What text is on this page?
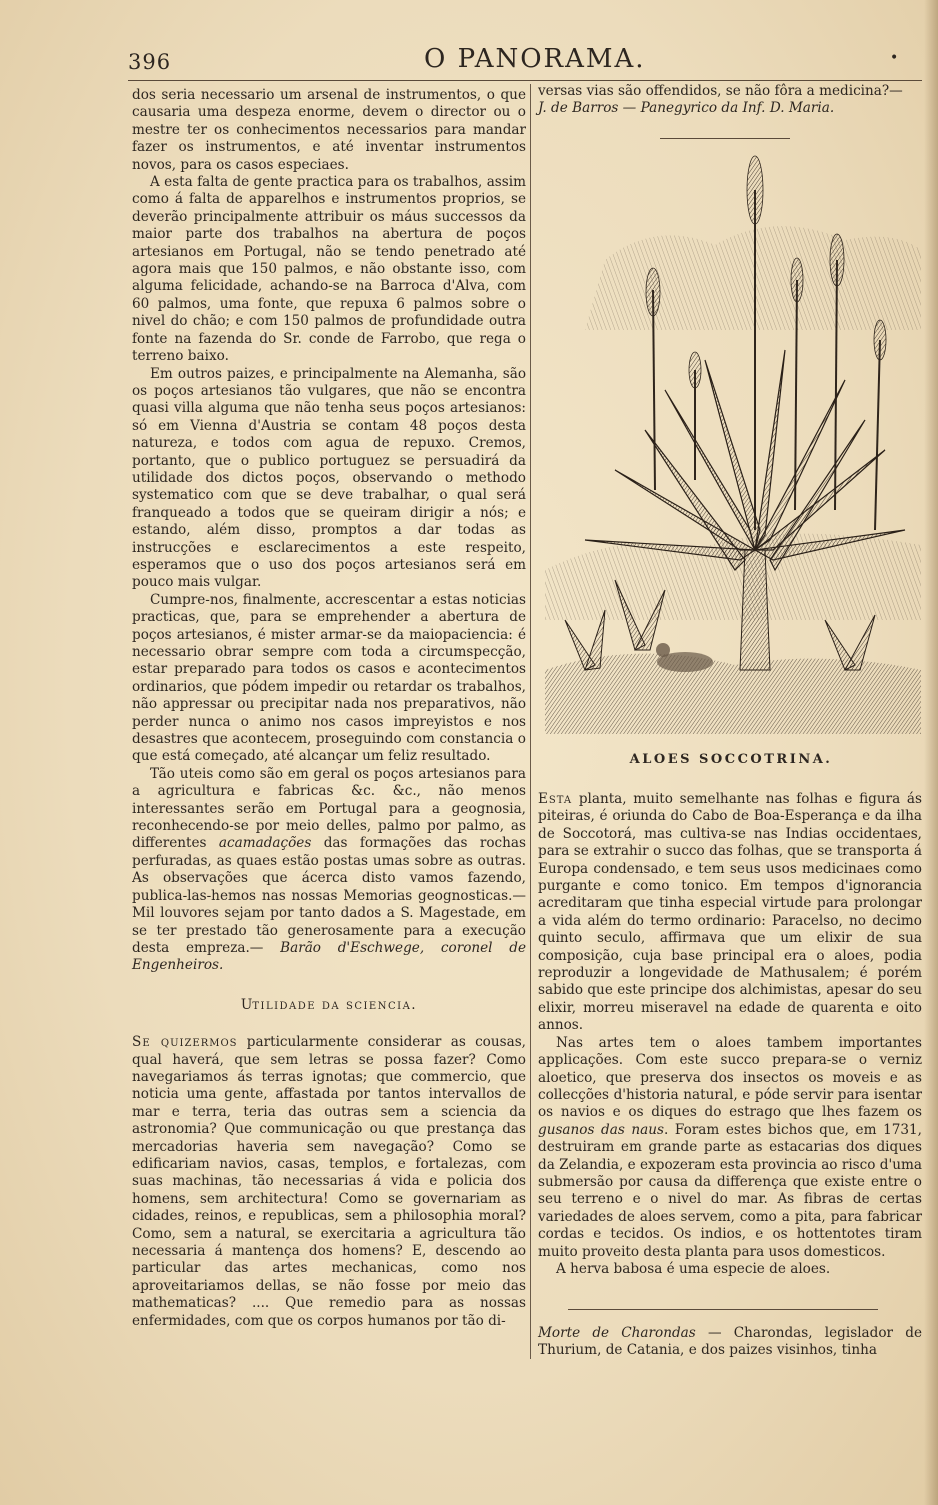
396	O PANORAMA.	•

dos seria necessario um arsenal de instrumentos, o que causaria uma despeza enorme, devem o director ou o mestre ter os conhecimentos necessarios para mandar fazer os instrumentos, e até inventar instrumentos novos, para os casos especiaes.

A esta falta de gente practica para os trabalhos, assim como á falta de apparelhos e instrumentos proprios, se deverão principalmente attribuir os máus successos da maior parte dos trabalhos na abertura de poços artesianos em Portugal, não se tendo penetrado até agora mais que 150 palmos, e não obstante isso, com alguma felicidade, achando-se na Barroca d'Alva, com 60 palmos, uma fonte, que repuxa 6 palmos sobre o nivel do chão; e com 150 palmos de profundidade outra fonte na fazenda do Sr. conde de Farrobo, que rega o terreno baixo.

Em outros paizes, e principalmente na Alemanha, são os poços artesianos tão vulgares, que não se encontra quasi villa alguma que não tenha seus poços artesianos: só em Vienna d'Austria se contam 48 poços desta natureza, e todos com agua de repuxo. Cremos, portanto, que o publico portuguez se persuadirá da utilidade dos dictos poços, observando o methodo systematico com que se deve trabalhar, o qual será franqueado a todos que se queiram dirigir a nós; e estando, além disso, promptos a dar todas as instrucções e esclarecimentos a este respeito, esperamos que o uso dos poços artesianos será em pouco mais vulgar.

Cumpre-nos, finalmente, accrescentar a estas noticias practicas, que, para se emprehender a abertura de poços artesianos, é mister armar-se da maiopaciencia: é necessario obrar sempre com toda a circumspecção, estar preparado para todos os casos e acontecimentos ordinarios, que pódem impedir ou retardar os trabalhos, não appressar ou precipitar nada nos preparativos, não perder nunca o animo nos casos impreyistos e nos desastres que acontecem, proseguindo com constancia o que está começado, até alcançar um feliz resultado.

Tão uteis como são em geral os poços artesianos para a agricultura e fabricas &c. &c., não menos interessantes serão em Portugal para a geognosia, reconhecendo-se por meio delles, palmo por palmo, as differentes acamadações das formações das rochas perfuradas, as quaes estão postas umas sobre as outras. As observações que ácerca disto vamos fazendo, publica-las-hemos nas nossas Memorias geognosticas.— Mil louvores sejam por tanto dados a S. Magestade, em se ter prestado tão generosamente para a execução desta empreza.— Barão d'Eschwege, coronel de Engenheiros.

Utilidade da sciencia.

Se quizermos particularmente considerar as cousas, qual haverá, que sem letras se possa fazer? Como navegariamos ás terras ignotas; que commercio, que noticia uma gente, affastada por tantos intervallos de mar e terra, teria das outras sem a sciencia da astronomia? Que communicação ou que prestança das mercadorias haveria sem navegação? Como se edificariam navios, casas, templos, e fortalezas, com suas machinas, tão necessarias á vida e policia dos homens, sem architectura! Como se governariam as cidades, reinos, e republicas, sem a philosophia moral? Como, sem a natural, se exercitaria a agricultura tão necessaria á mantença dos homens? E, descendo ao particular das artes mechanicas, como nos aproveitariamos dellas, se não fosse por meio das mathematicas? .... Que remedio para as nossas enfermidades, com que os corpos humanos por tão di-

versas vias são offendidos, se não fôra a medicina?—

J. de Barros — Panegyrico da Inf. D. Maria.

ALOES SOCCOTRINA.

Esta planta, muito semelhante nas folhas e figura ás piteiras, é oriunda do Cabo de Boa-Esperança e da ilha de Soccotorá, mas cultiva-se nas Indias occidentaes, para se extrahir o succo das folhas, que se transporta á Europa condensado, e tem seus usos medicinaes como purgante e como tonico. Em tempos d'ignorancia acreditaram que tinha especial virtude para prolongar a vida além do termo ordinario: Paracelso, no decimo quinto seculo, affirmava que um elixir de sua composição, cuja base principal era o aloes, podia reproduzir a longevidade de Mathusalem; é porém sabido que este principe dos alchimistas, apesar do seu elixir, morreu miseravel na edade de quarenta e oito annos.

Nas artes tem o aloes tambem importantes applicações. Com este succo prepara-se o verniz aloetico, que preserva dos insectos os moveis e as collecções d'historia natural, e póde servir para isentar os navios e os diques do estrago que lhes fazem os gusanos das naus. Foram estes bichos que, em 1731, destruiram em grande parte as estacarias dos diques da Zelandia, e expozeram esta provincia ao risco d'uma submersão por causa da differença que existe entre o seu terreno e o nivel do mar. As fibras de certas variedades de aloes servem, como a pita, para fabricar cordas e tecidos. Os indios, e os hottentotes tiram muito proveito desta planta para usos domesticos.

A herva babosa é uma especie de aloes.

Morte de Charondas — Charondas, legislador de Thurium, de Catania, e dos paizes visinhos, tinha
